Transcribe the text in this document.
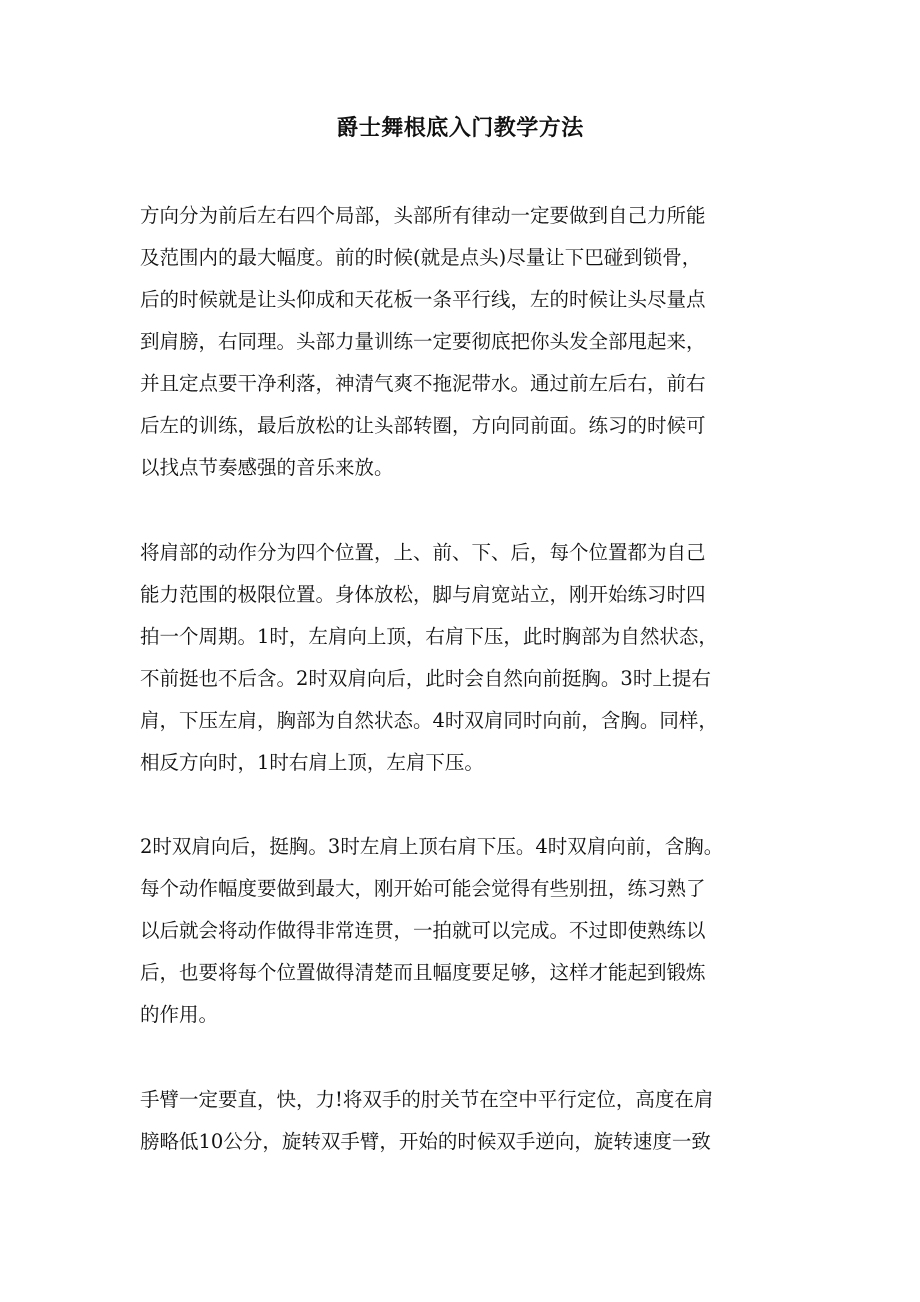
爵士舞根底入门教学方法
方向分为前后左右四个局部，头部所有律动一定要做到自己力所能
及范围内的最大幅度。前的时候(就是点头)尽量让下巴碰到锁骨，
后的时候就是让头仰成和天花板一条平行线，左的时候让头尽量点
到肩膀，右同理。头部力量训练一定要彻底把你头发全部甩起来，
并且定点要干净利落，神清气爽不拖泥带水。通过前左后右，前右
后左的训练，最后放松的让头部转圈，方向同前面。练习的时候可
以找点节奏感强的音乐来放。
将肩部的动作分为四个位置，上、前、下、后，每个位置都为自己
能力范围的极限位置。身体放松，脚与肩宽站立，刚开始练习时四
拍一个周期。1时，左肩向上顶，右肩下压，此时胸部为自然状态，
不前挺也不后含。2时双肩向后，此时会自然向前挺胸。3时上提右
肩，下压左肩，胸部为自然状态。4时双肩同时向前，含胸。同样，
相反方向时，1时右肩上顶，左肩下压。
2时双肩向后，挺胸。3时左肩上顶右肩下压。4时双肩向前，含胸。
每个动作幅度要做到最大，刚开始可能会觉得有些别扭，练习熟了
以后就会将动作做得非常连贯，一拍就可以完成。不过即使熟练以
后，也要将每个位置做得清楚而且幅度要足够，这样才能起到锻炼
的作用。
手臂一定要直，快，力!将双手的肘关节在空中平行定位，高度在肩
膀略低10公分，旋转双手臂，开始的时候双手逆向，旋转速度一致
